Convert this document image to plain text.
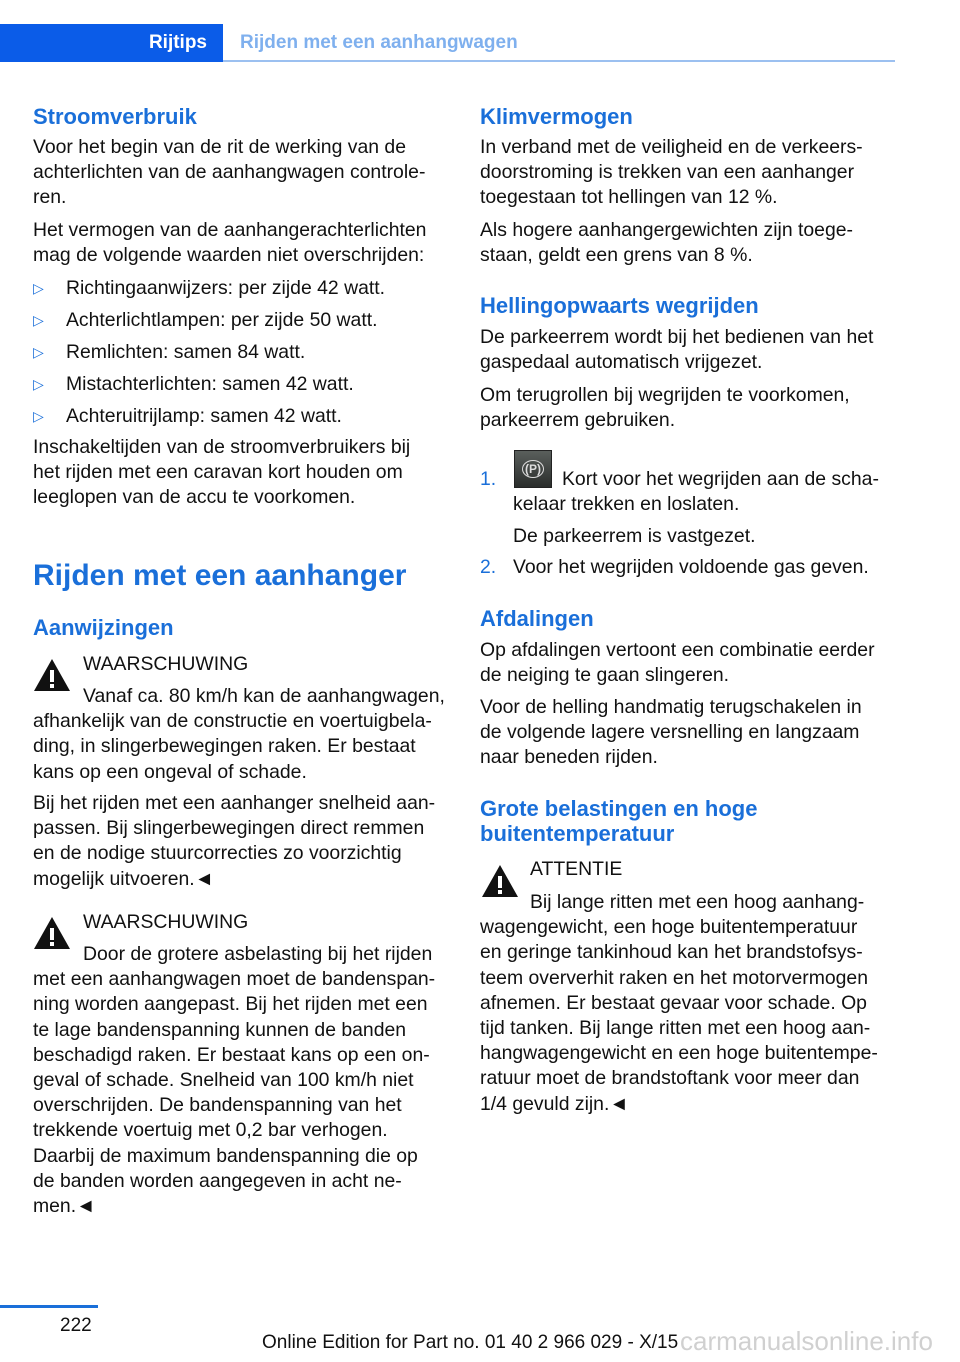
Rijtips	Rijden met een aanhangwagen
Stroomverbruik
Voor het begin van de rit de werking van de
achterlichten van de aanhangwagen controle‐
ren.
Het vermogen van de aanhangerachterlichten
mag de volgende waarden niet overschrijden:
▷	Richtingaanwijzers: per zijde 42 watt.
▷	Achterlichtlampen: per zijde 50 watt.
▷	Remlichten: samen 84 watt.
▷	Mistachterlichten: samen 42 watt.
▷	Achteruitrijlamp: samen 42 watt.
Inschakeltijden van de stroomverbruikers bij
het rijden met een caravan kort houden om
leeglopen van de accu te voorkomen.
Rijden met een aanhanger
Aanwijzingen
WAARSCHUWING
Vanaf ca. 80 km/h kan de aanhangwagen,
afhankelijk van de constructie en voertuigbela‐
ding, in slingerbewegingen raken. Er bestaat
kans op een ongeval of schade.
Bij het rijden met een aanhanger snelheid aan‐
passen. Bij slingerbewegingen direct remmen
en de nodige stuurcorrecties zo voorzichtig
mogelijk uitvoeren.◄
WAARSCHUWING
Door de grotere asbelasting bij het rijden
met een aanhangwagen moet de bandenspan‐
ning worden aangepast. Bij het rijden met een
te lage bandenspanning kunnen de banden
beschadigd raken. Er bestaat kans op een on‐
geval of schade. Snelheid van 100 km/h niet
overschrijden. De bandenspanning van het
trekkende voertuig met 0,2 bar verhogen.
Daarbij de maximum bandenspanning die op
de banden worden aangegeven in acht ne‐
men.◄
Klimvermogen
In verband met de veiligheid en de verkeers‐
doorstroming is trekken van een aanhanger
toegestaan tot hellingen van 12 %.
Als hogere aanhangergewichten zijn toege‐
staan, geldt een grens van 8 %.
Hellingopwaarts wegrijden
De parkeerrem wordt bij het bedienen van het
gaspedaal automatisch vrijgezet.
Om terugrollen bij wegrijden te voorkomen,
parkeerrem gebruiken.
1. (P) Kort voor het wegrijden aan de scha‐
kelaar trekken en loslaten.
De parkeerrem is vastgezet.
2. Voor het wegrijden voldoende gas geven.
Afdalingen
Op afdalingen vertoont een combinatie eerder
de neiging te gaan slingeren.
Voor de helling handmatig terugschakelen in
de volgende lagere versnelling en langzaam
naar beneden rijden.
Grote belastingen en hoge
buitentemperatuur
ATTENTIE
Bij lange ritten met een hoog aanhang‐
wagengewicht, een hoge buitentemperatuur
en geringe tankinhoud kan het brandstofsys‐
teem oververhit raken en het motorvermogen
afnemen. Er bestaat gevaar voor schade. Op
tijd tanken. Bij lange ritten met een hoog aan‐
hangwagengewicht en een hoge buitentempe‐
ratuur moet de brandstoftank voor meer dan
1/4 gevuld zijn.◄
222
Online Edition for Part no. 01 40 2 966 029 - X/15 carmanualsonline.info
